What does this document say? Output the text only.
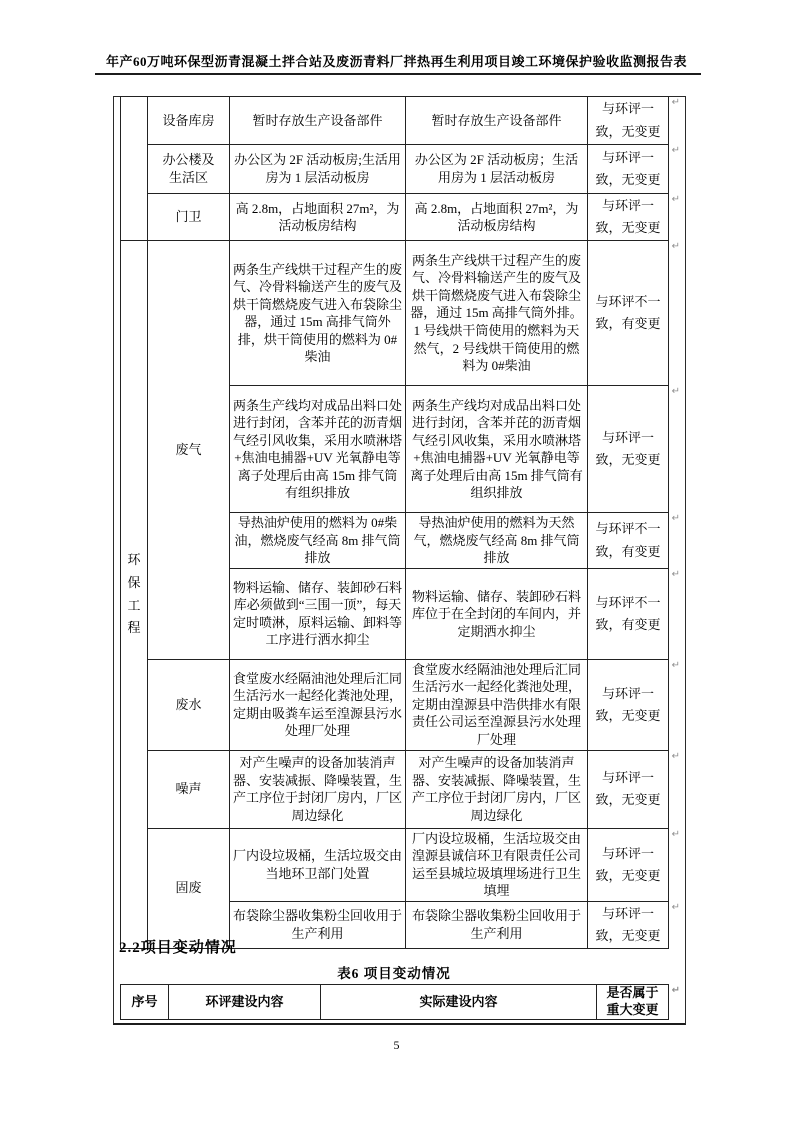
年产60万吨环保型沥青混凝土拌合站及废沥青料厂拌热再生利用项目竣工环境保护验收监测报告表
	设备库房	暂时存放生产设备部件	暂时存放生产设备部件	与环评一致，无变更
↵

	办公楼及生活区	办公区为 2F 活动板房;生活用房为 1 层活动板房	办公区为 2F 活动板房；生活用房为 1 层活动板房	与环评一致，无变更
↵

	门卫	高 2.8m，占地面积 27m²，为活动板房结构	高 2.8m，占地面积 27m²，为活动板房结构	与环评一致，无变更
↵

环保工程	废气	两条生产线烘干过程产生的废气、冷骨料输送产生的废气及烘干筒燃烧废气进入布袋除尘器，通过 15m 高排气筒外排，烘干筒使用的燃料为 0#柴油	两条生产线烘干过程产生的废气、冷骨料输送产生的废气及烘干筒燃烧废气进入布袋除尘器，通过 15m 高排气筒外排。1 号线烘干筒使用的燃料为天然气，2 号线烘干筒使用的燃料为 0#柴油	与环评不一致，有变更
↵

		两条生产线均对成品出料口处进行封闭，含苯并芘的沥青烟气经引风收集，采用水喷淋塔+焦油电捕器+UV 光氧静电等离子处理后由高 15m 排气筒有组织排放	两条生产线均对成品出料口处进行封闭，含苯并芘的沥青烟气经引风收集，采用水喷淋塔+焦油电捕器+UV 光氧静电等离子处理后由高 15m 排气筒有组织排放	与环评一致，无变更
↵

		导热油炉使用的燃料为 0#柴油，燃烧废气经高 8m 排气筒排放	导热油炉使用的燃料为天然气，燃烧废气经高 8m 排气筒排放	与环评不一致，有变更
↵

		物料运输、储存、装卸砂石料库必须做到“三围一顶”，每天定时喷淋，原料运输、卸料等工序进行洒水抑尘	物料运输、储存、装卸砂石料库位于在全封闭的车间内，并定期洒水抑尘	与环评不一致，有变更
↵

	废水	食堂废水经隔油池处理后汇同生活污水一起经化粪池处理，定期由吸粪车运至湟源县污水处理厂处理	食堂废水经隔油池处理后汇同生活污水一起经化粪池处理，定期由湟源县中浩供排水有限责任公司运至湟源县污水处理厂处理	与环评一致，无变更
↵

	噪声	对产生噪声的设备加装消声器、安装减振、降噪装置，生产工序位于封闭厂房内，厂区周边绿化	对产生噪声的设备加装消声器、安装减振、降噪装置，生产工序位于封闭厂房内，厂区周边绿化	与环评一致，无变更
↵

	固废	厂内设垃圾桶，生活垃圾交由当地环卫部门处置	厂内设垃圾桶，生活垃圾交由湟源县诚信环卫有限责任公司运至县城垃圾填埋场进行卫生填埋	与环评一致，无变更
↵

		布袋除尘器收集粉尘回收用于生产利用	布袋除尘器收集粉尘回收用于生产利用	与环评一致，无变更
↵
2.2项目变动情况
表6 项目变动情况
序号	环评建设内容	实际建设内容	是否属于重大变更
↵
5
